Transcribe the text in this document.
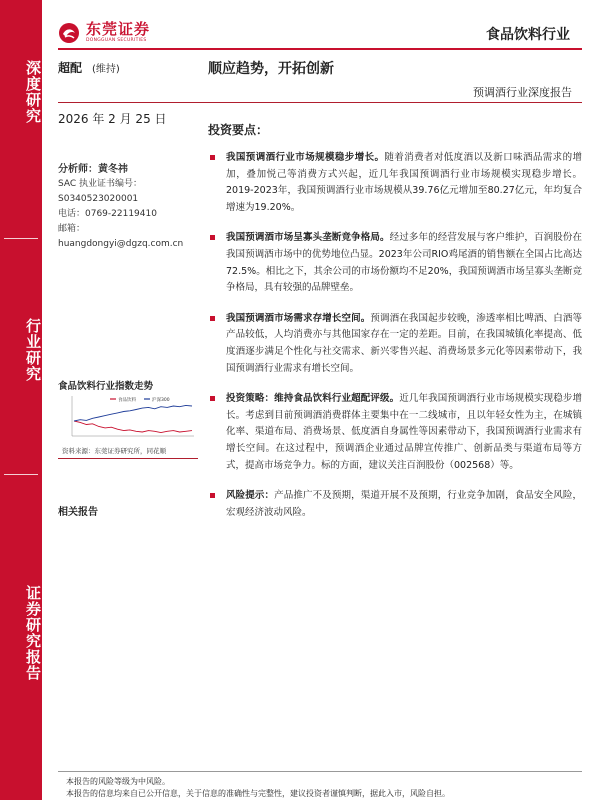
深度研究
行业研究
证券研究报告
东莞证券
DONGGUAN SECURITIES	食品饮料行业
超配 (维持)	顺应趋势，开拓创新
预调酒行业深度报告
2026 年 2 月 25 日
分析师：黄冬祎
SAC 执业证书编号：
S0340523020001
电话：0769-22119410
邮箱：
huangdongyi@dgzq.com.cn
食品饮料行业指数走势
食品饮料	沪深300
资料来源：东莞证券研究所，同花顺
相关报告
投资要点：
我国预调酒行业市场规模稳步增长。随着消费者对低度酒以及新口味酒品需求的增加，叠加悦己等消费方式兴起，近几年我国预调酒行业市场规模实现稳步增长。2019-2023年，我国预调酒行业市场规模从39.76亿元增加至80.27亿元，年均复合增速为19.20%。
我国预调酒市场呈寡头垄断竞争格局。经过多年的经营发展与客户维护，百润股份在我国预调酒市场中的优势地位凸显。2023年公司RIO鸡尾酒的销售额在全国占比高达72.5%。相比之下，其余公司的市场份额均不足20%，我国预调酒市场呈寡头垄断竞争格局，具有较强的品牌壁垒。
我国预调酒市场需求存增长空间。预调酒在我国起步较晚，渗透率相比啤酒、白酒等产品较低，人均消费亦与其他国家存在一定的差距。目前，在我国城镇化率提高、低度酒逐步满足个性化与社交需求、新兴零售兴起、消费场景多元化等因素带动下，我国预调酒行业需求有增长空间。
投资策略：维持食品饮料行业超配评级。近几年我国预调酒行业市场规模实现稳步增长。考虑到目前预调酒消费群体主要集中在一二线城市，且以年轻女性为主，在城镇化率、渠道布局、消费场景、低度酒自身属性等因素带动下，我国预调酒行业需求有增长空间。在这过程中，预调酒企业通过品牌宣传推广、创新品类与渠道布局等方式，提高市场竞争力。标的方面，建议关注百润股份（002568）等。
风险提示：产品推广不及预期，渠道开展不及预期，行业竞争加剧，食品安全风险，宏观经济波动风险。
本报告的风险等级为中风险。
本报告的信息均来自已公开信息，关于信息的准确性与完整性，建议投资者谨慎判断，据此入市，风险自担。
